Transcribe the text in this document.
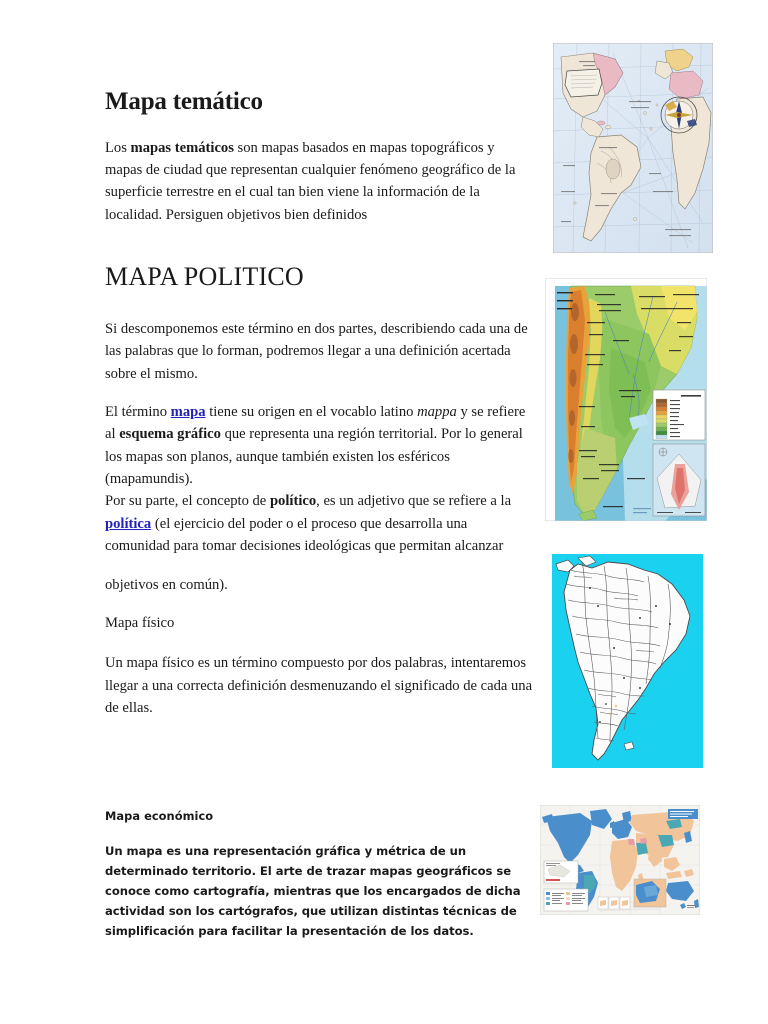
Mapa temático

Los mapas temáticos son mapas basados en mapas topográficos y mapas de ciudad que representan cualquier fenómeno geográfico de la superficie terrestre en el cual tan bien viene la información de la localidad. Persiguen objetivos bien definidos

MAPA POLITICO

Si descomponemos este término en dos partes, describiendo cada una de las palabras que lo forman, podremos llegar a una definición acertada sobre el mismo.

El término mapa tiene su origen en el vocablo latino mappa y se refiere al esquema gráfico que representa una región territorial. Por lo general los mapas son planos, aunque también existen los esféricos (mapamundis).

Por su parte, el concepto de político, es un adjetivo que se refiere a la política (el ejercicio del poder o el proceso que desarrolla una comunidad para tomar decisiones ideológicas que permitan alcanzar

objetivos en común).

Mapa físico

Un mapa físico es un término compuesto por dos palabras, intentaremos llegar a una correcta definición desmenuzando el significado de cada una de ellas.

Mapa económico

Un mapa es una representación gráfica y métrica de un determinado territorio. El arte de trazar mapas geográficos se conoce como cartografía, mientras que los encargados de dicha actividad son los cartógrafos, que utilizan distintas técnicas de simplificación para facilitar la presentación de los datos.
